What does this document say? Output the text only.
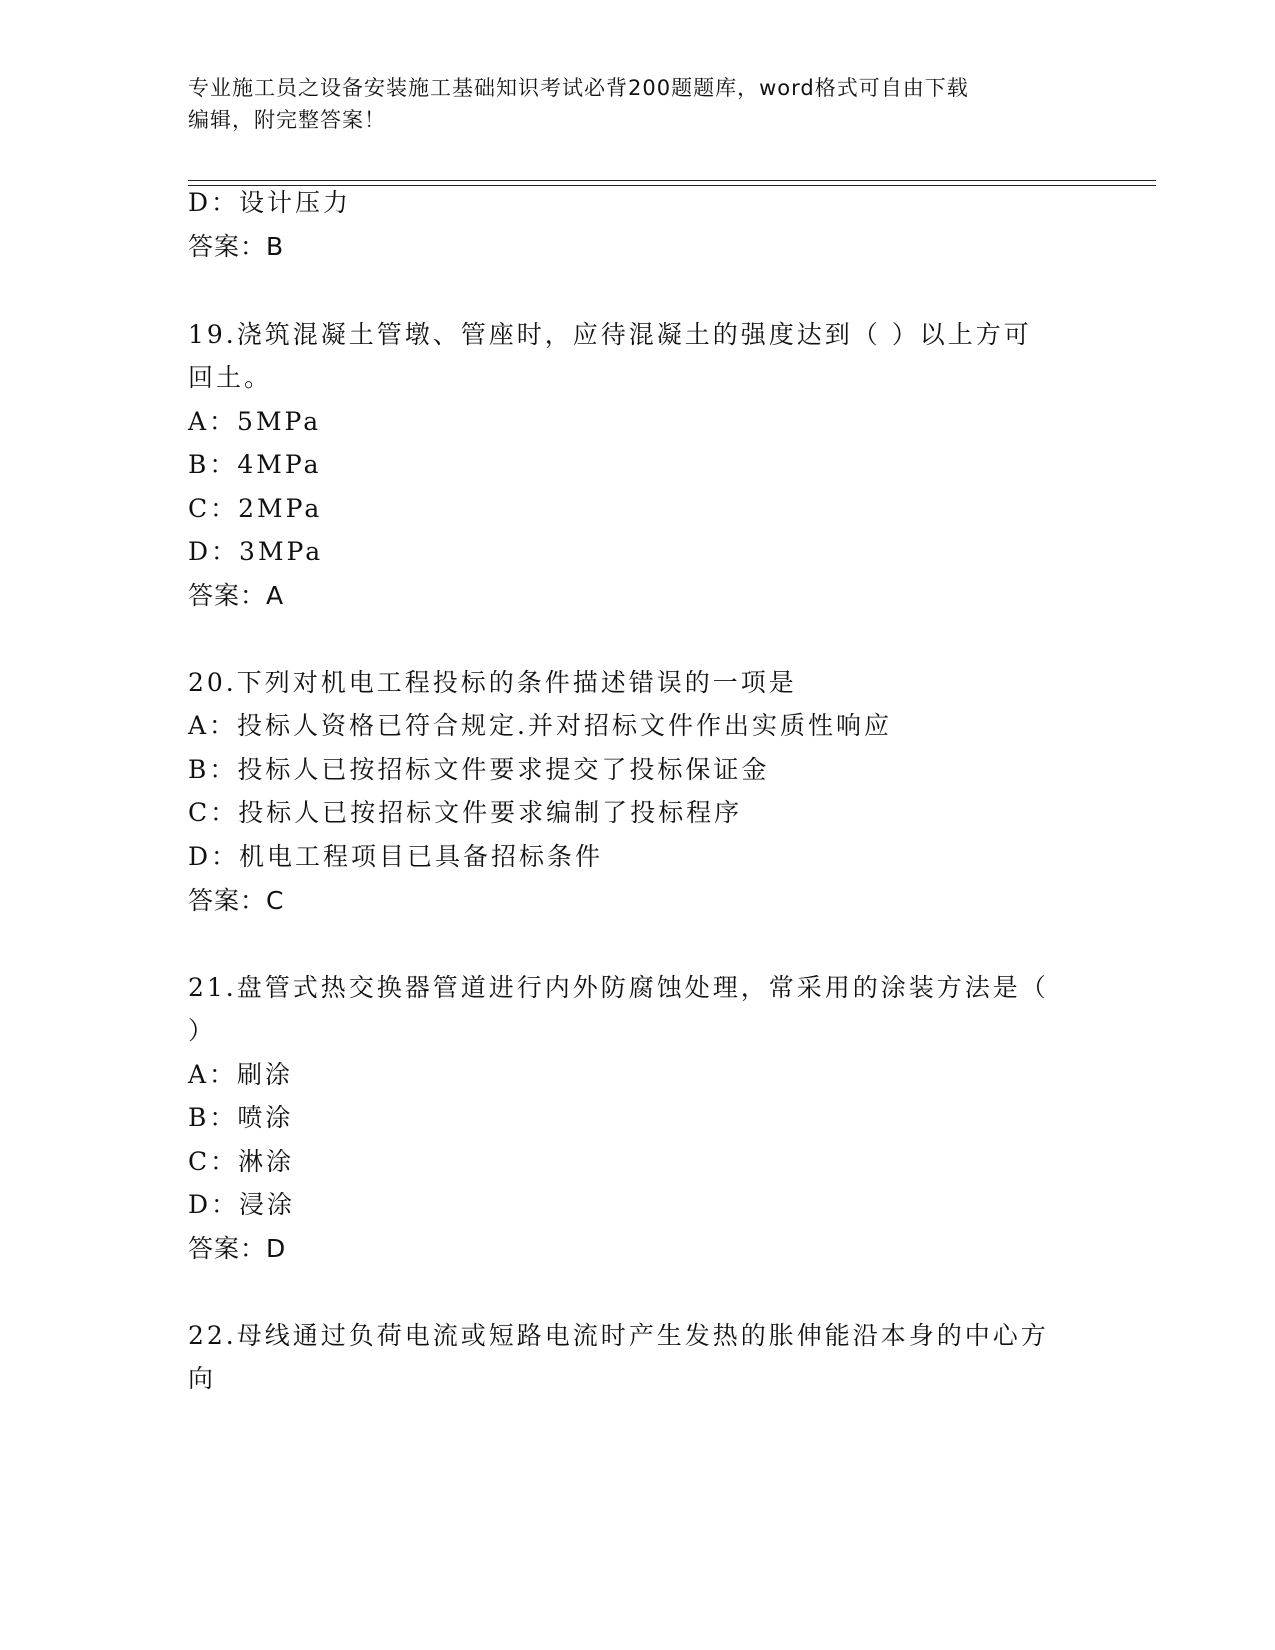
专业施工员之设备安装施工基础知识考试必背200题题库，word格式可自由下载
编辑，附完整答案！
D：设计压力
答案：B
19.浇筑混凝土管墩、管座时，应待混凝土的强度达到（ ）以上方可
回土。
A：5MPa
B：4MPa
C：2MPa
D：3MPa
答案：A
20.下列对机电工程投标的条件描述错误的一项是
A：投标人资格已符合规定.并对招标文件作出实质性响应
B：投标人已按招标文件要求提交了投标保证金
C：投标人已按招标文件要求编制了投标程序
D：机电工程项目已具备招标条件
答案：C
21.盘管式热交换器管道进行内外防腐蚀处理，常采用的涂装方法是（
）
A：刷涂
B：喷涂
C：淋涂
D：浸涂
答案：D
22.母线通过负荷电流或短路电流时产生发热的胀伸能沿本身的中心方
向
